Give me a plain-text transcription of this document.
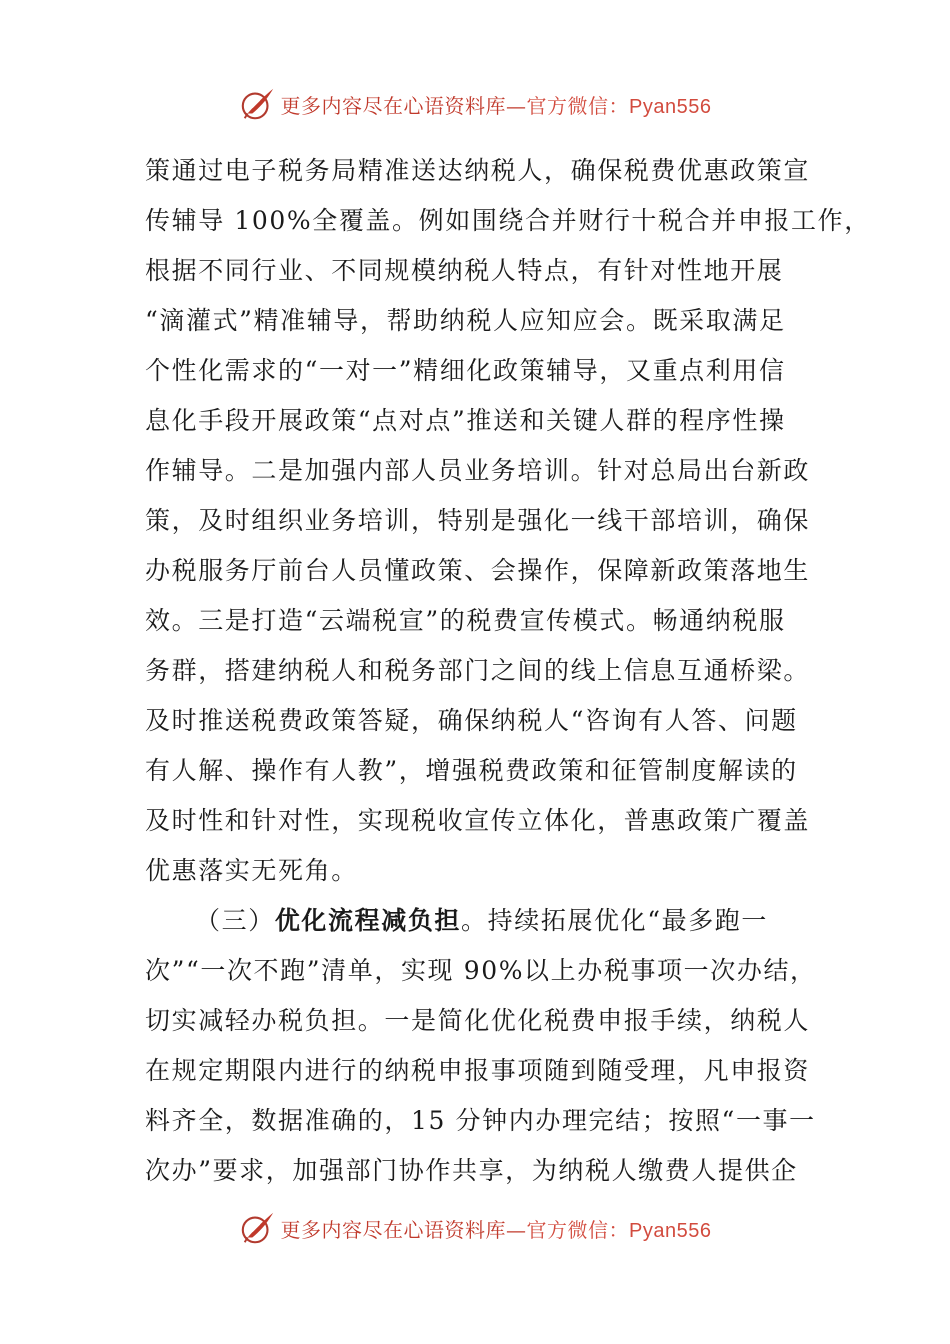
更多内容尽在心语资料库—官方微信：Pyan556
策通过电子税务局精准送达纳税人，确保税费优惠政策宣
传辅导 100%全覆盖。例如围绕合并财行十税合并申报工作，
根据不同行业、不同规模纳税人特点，有针对性地开展
“滴灌式”精准辅导，帮助纳税人应知应会。既采取满足
个性化需求的“一对一”精细化政策辅导，又重点利用信
息化手段开展政策“点对点”推送和关键人群的程序性操
作辅导。二是加强内部人员业务培训。针对总局出台新政
策，及时组织业务培训，特别是强化一线干部培训，确保
办税服务厅前台人员懂政策、会操作，保障新政策落地生
效。三是打造“云端税宣”的税费宣传模式。畅通纳税服
务群，搭建纳税人和税务部门之间的线上信息互通桥梁。
及时推送税费政策答疑，确保纳税人“咨询有人答、问题
有人解、操作有人教”，增强税费政策和征管制度解读的
及时性和针对性，实现税收宣传立体化，普惠政策广覆盖
优惠落实无死角。
（三）优化流程减负担。持续拓展优化“最多跑一
次”“一次不跑”清单，实现 90%以上办税事项一次办结，
切实减轻办税负担。一是简化优化税费申报手续，纳税人
在规定期限内进行的纳税申报事项随到随受理，凡申报资
料齐全，数据准确的，15 分钟内办理完结；按照“一事一
次办”要求，加强部门协作共享，为纳税人缴费人提供企
更多内容尽在心语资料库—官方微信：Pyan556
